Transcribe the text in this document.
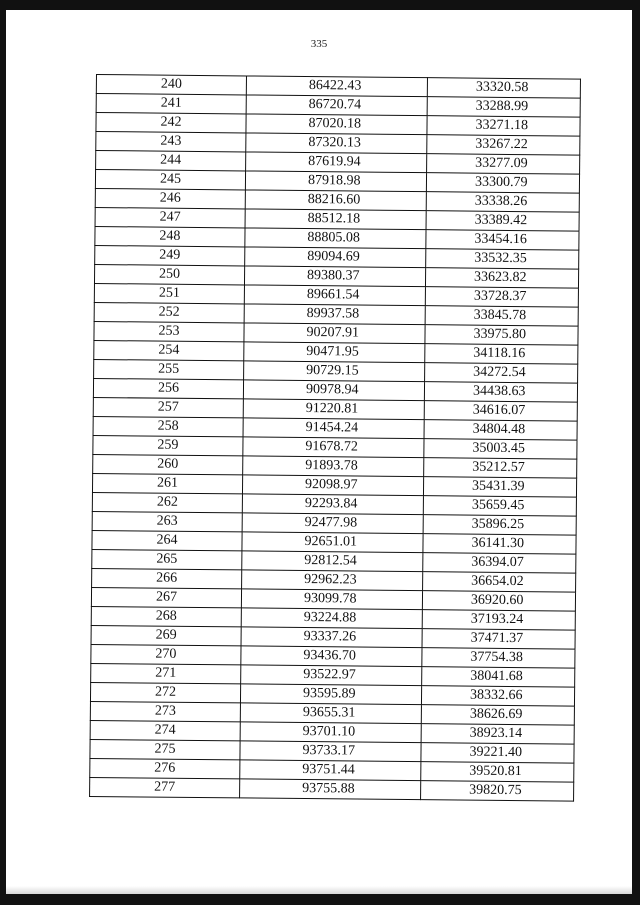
335
240	86422.43	33320.58
241	86720.74	33288.99
242	87020.18	33271.18
243	87320.13	33267.22
244	87619.94	33277.09
245	87918.98	33300.79
246	88216.60	33338.26
247	88512.18	33389.42
248	88805.08	33454.16
249	89094.69	33532.35
250	89380.37	33623.82
251	89661.54	33728.37
252	89937.58	33845.78
253	90207.91	33975.80
254	90471.95	34118.16
255	90729.15	34272.54
256	90978.94	34438.63
257	91220.81	34616.07
258	91454.24	34804.48
259	91678.72	35003.45
260	91893.78	35212.57
261	92098.97	35431.39
262	92293.84	35659.45
263	92477.98	35896.25
264	92651.01	36141.30
265	92812.54	36394.07
266	92962.23	36654.02
267	93099.78	36920.60
268	93224.88	37193.24
269	93337.26	37471.37
270	93436.70	37754.38
271	93522.97	38041.68
272	93595.89	38332.66
273	93655.31	38626.69
274	93701.10	38923.14
275	93733.17	39221.40
276	93751.44	39520.81
277	93755.88	39820.75
